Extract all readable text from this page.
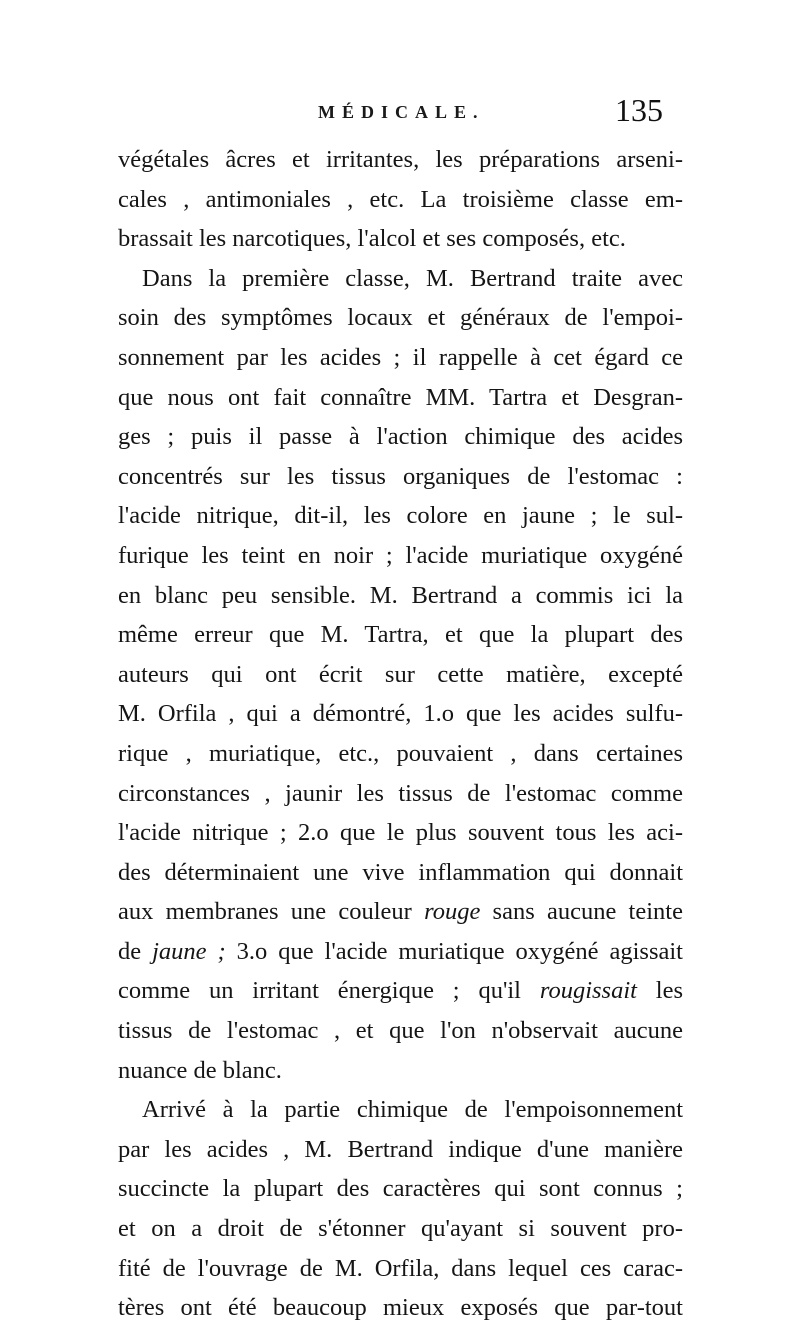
MÉDICALE.	135
végétales âcres et irritantes, les préparations arseni-
cales , antimoniales , etc. La troisième classe em-
brassait les narcotiques, l'alcol et ses composés, etc.
Dans la première classe, M. Bertrand traite avec
soin des symptômes locaux et généraux de l'empoi-
sonnement par les acides ; il rappelle à cet égard ce
que nous ont fait connaître MM. Tartra et Desgran-
ges ; puis il passe à l'action chimique des acides
concentrés sur les tissus organiques de l'estomac :
l'acide nitrique, dit-il, les colore en jaune ; le sul-
furique les teint en noir ; l'acide muriatique oxygéné
en blanc peu sensible. M. Bertrand a commis ici la
même erreur que M. Tartra, et que la plupart des
auteurs qui ont écrit sur cette matière, excepté
M. Orfila , qui a démontré, 1.o que les acides sulfu-
rique , muriatique, etc., pouvaient , dans certaines
circonstances , jaunir les tissus de l'estomac comme
l'acide nitrique ; 2.o que le plus souvent tous les aci-
des déterminaient une vive inflammation qui donnait
aux membranes une couleur rouge sans aucune teinte
de jaune ; 3.o que l'acide muriatique oxygéné agissait
comme un irritant énergique ; qu'il rougissait les
tissus de l'estomac , et que l'on n'observait aucune
nuance de blanc.
Arrivé à la partie chimique de l'empoisonnement
par les acides , M. Bertrand indique d'une manière
succincte la plupart des caractères qui sont connus ;
et on a droit de s'étonner qu'ayant si souvent pro-
fité de l'ouvrage de M. Orfila, dans lequel ces carac-
tères ont été beaucoup mieux exposés que par-tout
